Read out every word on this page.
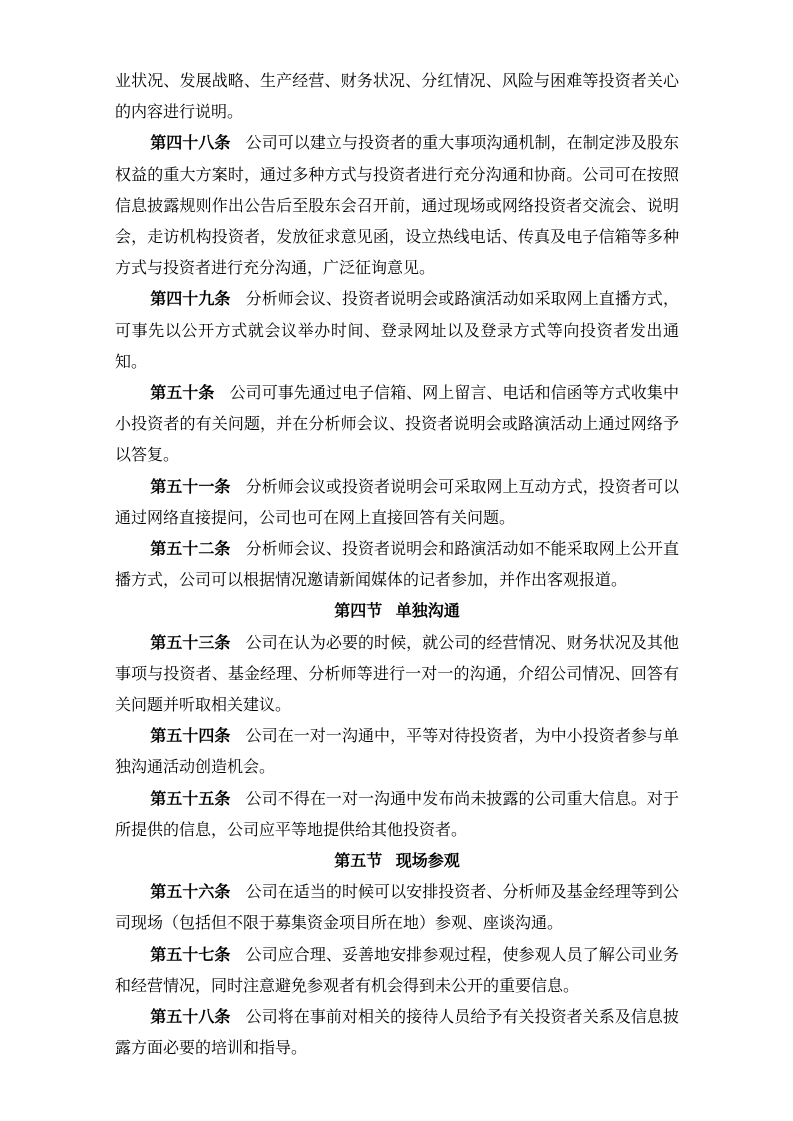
业状况、发展战略、生产经营、财务状况、分红情况、风险与困难等投资者关心的内容进行说明。

第四十八条 公司可以建立与投资者的重大事项沟通机制，在制定涉及股东权益的重大方案时，通过多种方式与投资者进行充分沟通和协商。公司可在按照信息披露规则作出公告后至股东会召开前，通过现场或网络投资者交流会、说明会，走访机构投资者，发放征求意见函，设立热线电话、传真及电子信箱等多种方式与投资者进行充分沟通，广泛征询意见。

第四十九条 分析师会议、投资者说明会或路演活动如采取网上直播方式，可事先以公开方式就会议举办时间、登录网址以及登录方式等向投资者发出通知。

第五十条 公司可事先通过电子信箱、网上留言、电话和信函等方式收集中小投资者的有关问题，并在分析师会议、投资者说明会或路演活动上通过网络予以答复。

第五十一条 分析师会议或投资者说明会可采取网上互动方式，投资者可以通过网络直接提问，公司也可在网上直接回答有关问题。

第五十二条 分析师会议、投资者说明会和路演活动如不能采取网上公开直播方式，公司可以根据情况邀请新闻媒体的记者参加，并作出客观报道。

第四节 单独沟通

第五十三条 公司在认为必要的时候，就公司的经营情况、财务状况及其他事项与投资者、基金经理、分析师等进行一对一的沟通，介绍公司情况、回答有关问题并听取相关建议。

第五十四条 公司在一对一沟通中，平等对待投资者，为中小投资者参与单独沟通活动创造机会。

第五十五条 公司不得在一对一沟通中发布尚未披露的公司重大信息。对于所提供的信息，公司应平等地提供给其他投资者。

第五节 现场参观

第五十六条 公司在适当的时候可以安排投资者、分析师及基金经理等到公司现场（包括但不限于募集资金项目所在地）参观、座谈沟通。

第五十七条 公司应合理、妥善地安排参观过程，使参观人员了解公司业务和经营情况，同时注意避免参观者有机会得到未公开的重要信息。

第五十八条 公司将在事前对相关的接待人员给予有关投资者关系及信息披露方面必要的培训和指导。
